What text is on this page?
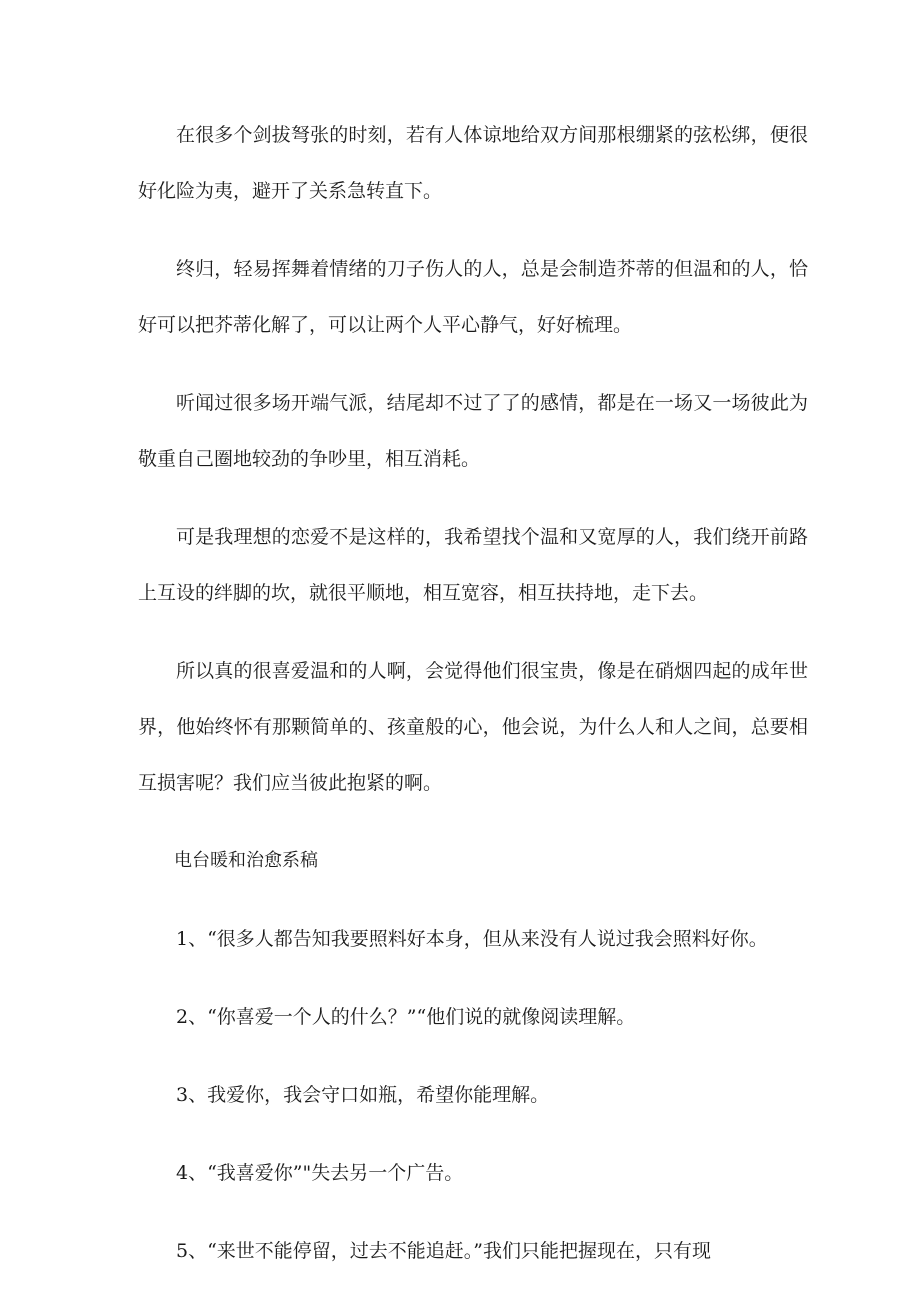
在很多个剑拔弩张的时刻，若有人体谅地给双方间那根绷紧的弦松绑，便很好化险为夷，避开了关系急转直下。

终归，轻易挥舞着情绪的刀子伤人的人，总是会制造芥蒂的但温和的人，恰好可以把芥蒂化解了，可以让两个人平心静气，好好梳理。

听闻过很多场开端气派，结尾却不过了了的感情，都是在一场又一场彼此为敬重自己圈地较劲的争吵里，相互消耗。

可是我理想的恋爱不是这样的，我希望找个温和又宽厚的人，我们绕开前路上互设的绊脚的坎，就很平顺地，相互宽容，相互扶持地，走下去。

所以真的很喜爱温和的人啊，会觉得他们很宝贵，像是在硝烟四起的成年世界，他始终怀有那颗简单的、孩童般的心，他会说，为什么人和人之间，总要相互损害呢？我们应当彼此抱紧的啊。

电台暖和治愈系稿

1、“很多人都告知我要照料好本身，但从来没有人说过我会照料好你。

2、“你喜爱一个人的什么？”“他们说的就像阅读理解。

3、我爱你，我会守口如瓶，希望你能理解。

4、“我喜爱你”"失去另一个广告。

5、“来世不能停留，过去不能追赶。”我们只能把握现在，只有现
